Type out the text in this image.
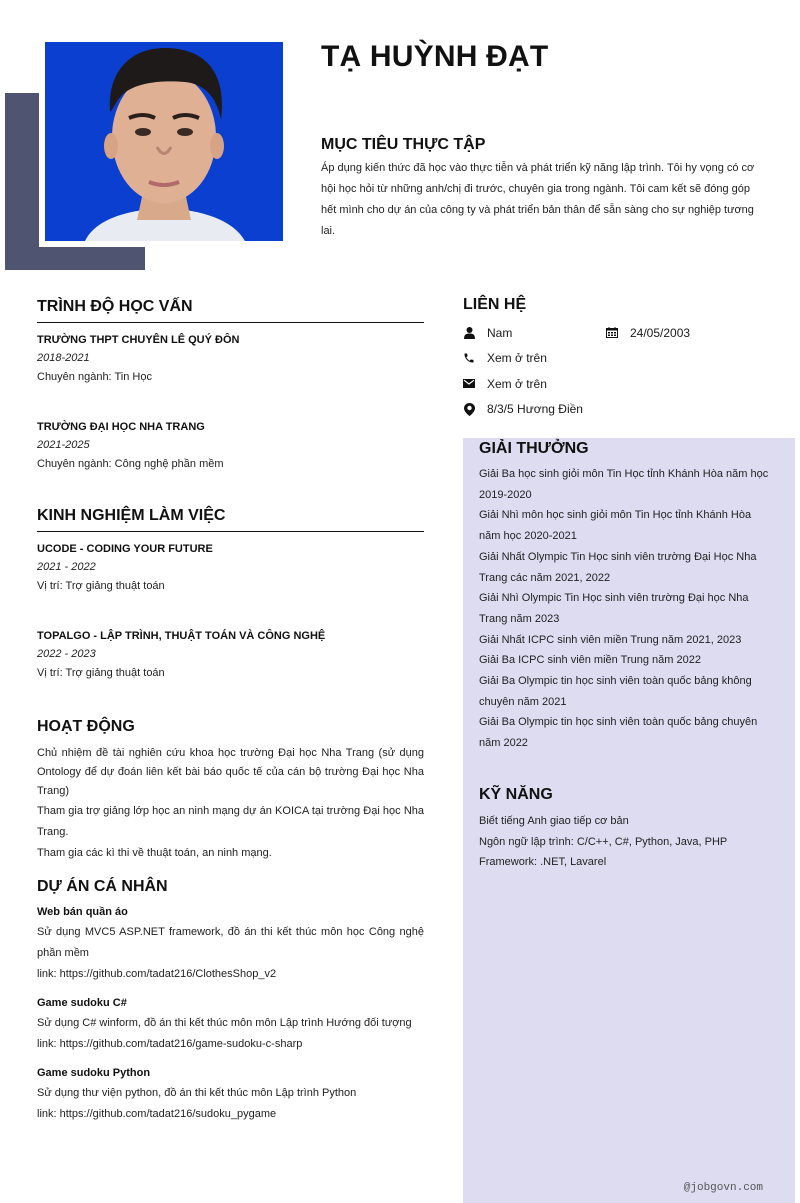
TẠ HUỲNH ĐẠT
MỤC TIÊU THỰC TẬP

Áp dụng kiến thức đã học vào thực tiễn và phát triển kỹ năng lập trình. Tôi hy vọng có cơ hội học hỏi từ những anh/chị đi trước, chuyên gia trong ngành. Tôi cam kết sẽ đóng góp hết mình cho dự án của công ty và phát triển bản thân để sẵn sàng cho sự nghiệp tương lai.

TRÌNH ĐỘ HỌC VẤN
TRƯỜNG THPT CHUYÊN LÊ QUÝ ĐÔN
2018-2021
Chuyên ngành: Tin Học
TRƯỜNG ĐẠI HỌC NHA TRANG
2021-2025
Chuyên ngành: Công nghệ phần mềm
KINH NGHIỆM LÀM VIỆC
UCODE - CODING YOUR FUTURE
2021 - 2022
Vị trí: Trợ giảng thuật toán
TOPALGO - LẬP TRÌNH, THUẬT TOÁN VÀ CÔNG NGHỆ
2022 - 2023
Vị trí: Trợ giảng thuật toán
HOẠT ĐỘNG

Chủ nhiệm đề tài nghiên cứu khoa học trường Đại học Nha Trang (sử dụng Ontology để dự đoán liên kết bài báo quốc tế của cán bộ trường Đại học Nha Trang)

Tham gia trợ giảng lớp học an ninh mạng dự án KOICA tại trường Đại học Nha Trang.

Tham gia các kì thi về thuật toán, an ninh mạng.

DỰ ÁN CÁ NHÂN
Web bán quần áo

Sử dụng MVC5 ASP.NET framework, đồ án thi kết thúc môn học Công nghệ phần mềm

link: https://github.com/tadat216/ClothesShop_v2

Game sudoku C#

Sử dụng C# winform, đồ án thi kết thúc môn môn Lập trình Hướng đối tượng

link: https://github.com/tadat216/game-sudoku-c-sharp

Game sudoku Python

Sử dụng thư viện python, đồ án thi kết thúc môn Lập trình Python

link: https://github.com/tadat216/sudoku_pygame

LIÊN HỆ
Nam	24/05/2003
Xem ở trên
Xem ở trên
8/3/5 Hương Điền
GIẢI THƯỞNG

Giải Ba học sinh giỏi môn Tin Học tỉnh Khánh Hòa năm học 2019-2020

Giải Nhì môn học sinh giỏi môn Tin Học tỉnh Khánh Hòa năm học 2020-2021

Giải Nhất Olympic Tin Học sinh viên trường Đại Học Nha Trang các năm 2021, 2022

Giải Nhì Olympic Tin Học sinh viên trường Đại học Nha Trang năm 2023

Giải Nhất ICPC sinh viên miền Trung năm 2021, 2023

Giải Ba ICPC sinh viên miền Trung năm 2022

Giải Ba Olympic tin học sinh viên toàn quốc bảng không chuyên năm 2021

Giải Ba Olympic tin học sinh viên toàn quốc bảng chuyên năm 2022

KỸ NĂNG

Biết tiếng Anh giao tiếp cơ bản

Ngôn ngữ lập trình: C/C++, C#, Python, Java, PHP

Framework: .NET, Lavarel

@jobgovn.com
